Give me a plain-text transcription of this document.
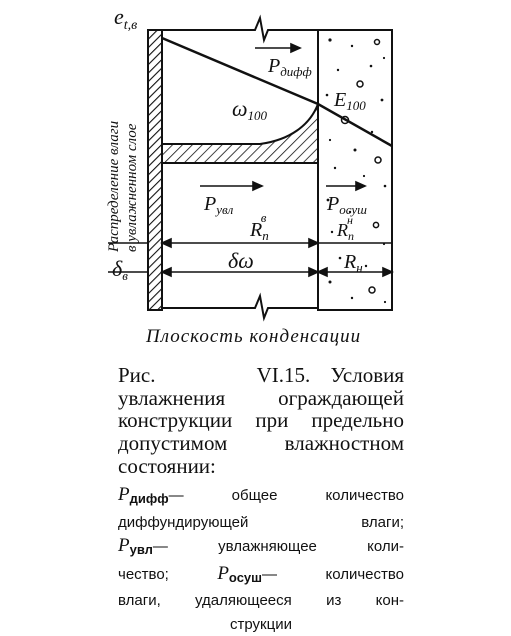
$e_{t,в}$
Распределение влаги в увлажненном слое
$Р_{дифф}$
ω100
$E_{100}$
$Р_{увл}$	$Р_{осуш}$
$R_пв$
$R_пн$
δв
δω	$R_н$
Плоскость конденсации
Рис.	VI.15. Условия увлажнения ограждающей конструкции при предельно допустимом влажностном состоянии:
Рдифф— общее количество
диффундирующей влаги;
Рувл— увлажняющее коли-
чество;	Росуш— количество
влаги, удаляющееся из кон-
струкции
